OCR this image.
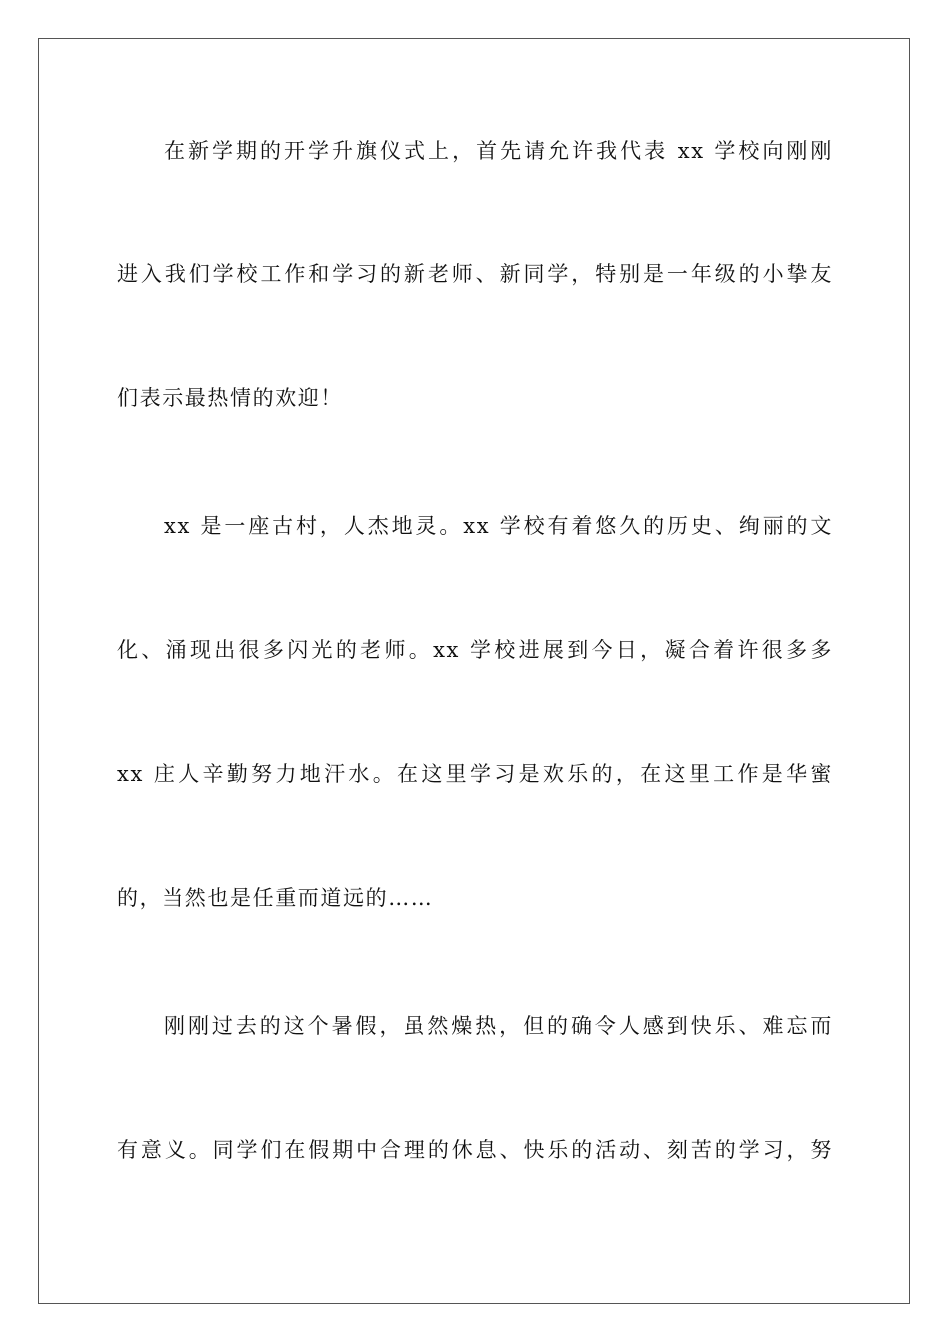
在新学期的开学升旗仪式上，首先请允许我代表 xx 学校向刚刚
进入我们学校工作和学习的新老师、新同学，特别是一年级的小挚友
们表示最热情的欢迎！
xx 是一座古村，人杰地灵。xx 学校有着悠久的历史、绚丽的文
化、涌现出很多闪光的老师。xx 学校进展到今日，凝合着许很多多
xx 庄人辛勤努力地汗水。在这里学习是欢乐的，在这里工作是华蜜
的，当然也是任重而道远的……
刚刚过去的这个暑假，虽然燥热，但的确令人感到快乐、难忘而
有意义。同学们在假期中合理的休息、快乐的活动、刻苦的学习，努
